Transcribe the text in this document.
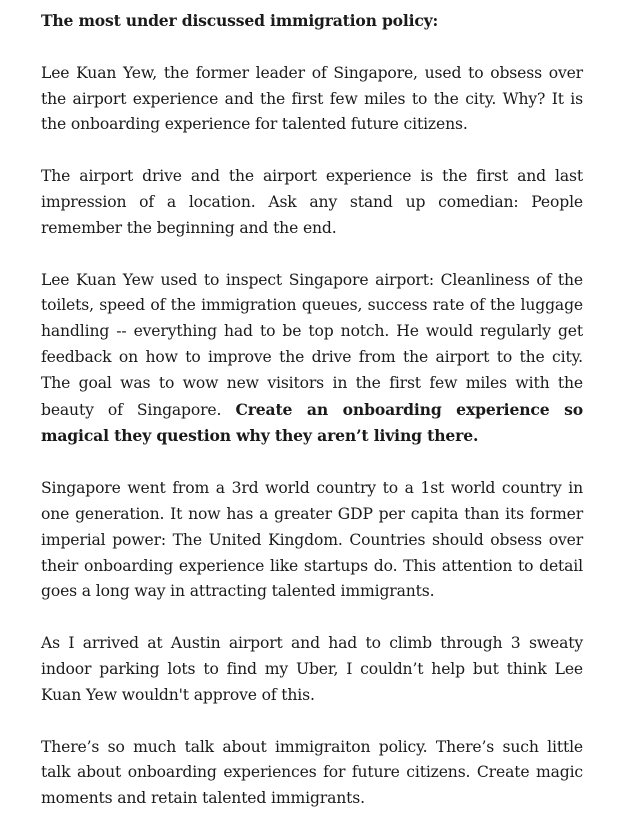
The most under discussed immigration policy:

Lee Kuan Yew, the former leader of Singapore, used to obsess over the airport experience and the first few miles to the city. Why? It is the onboarding experience for talented future citizens.

The airport drive and the airport experience is the first and last impression of a location. Ask any stand up comedian: People remember the beginning and the end.

Lee Kuan Yew used to inspect Singapore airport: Cleanliness of the toilets, speed of the immigration queues, success rate of the luggage handling -- everything had to be top notch. He would regularly get feedback on how to improve the drive from the airport to the city. The goal was to wow new visitors in the first few miles with the beauty of Singapore. Create an onboarding experience so magical they question why they aren’t living there.

Singapore went from a 3rd world country to a 1st world country in one generation. It now has a greater GDP per capita than its former imperial power: The United Kingdom. Countries should obsess over their onboarding experience like startups do. This attention to detail goes a long way in attracting talented immigrants.

As I arrived at Austin airport and had to climb through 3 sweaty indoor parking lots to find my Uber, I couldn’t help but think Lee Kuan Yew wouldn't approve of this.

There’s so much talk about immigraiton policy. There’s such little talk about onboarding experiences for future citizens. Create magic moments and retain talented immigrants.
